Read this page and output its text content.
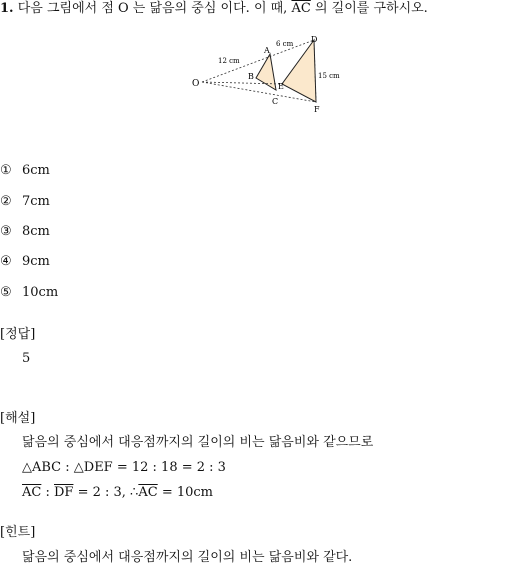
1. 다음 그림에서 점 O 는 닮음의 중심 이다. 이 때, $\overline{AC}$ 의 길이를 구하시오.
O
A
B
C
D
E
F
12 cm
6 cm
15 cm
① 6cm
② 7cm
③ 8cm
④ 9cm
⑤ 10cm
[정답]
5
[해설]
닮음의 중심에서 대응점까지의 길이의 비는 닮음비와 같으므로
△ABC : △DEF = 12 : 18 = 2 : 3
$\overline{AC}$ : $\overline{DF} = 2$ : 3, $\therefore\overline{AC} = 10cm$
[힌트]
닮음의 중심에서 대응점까지의 길이의 비는 닮음비와 같다.
